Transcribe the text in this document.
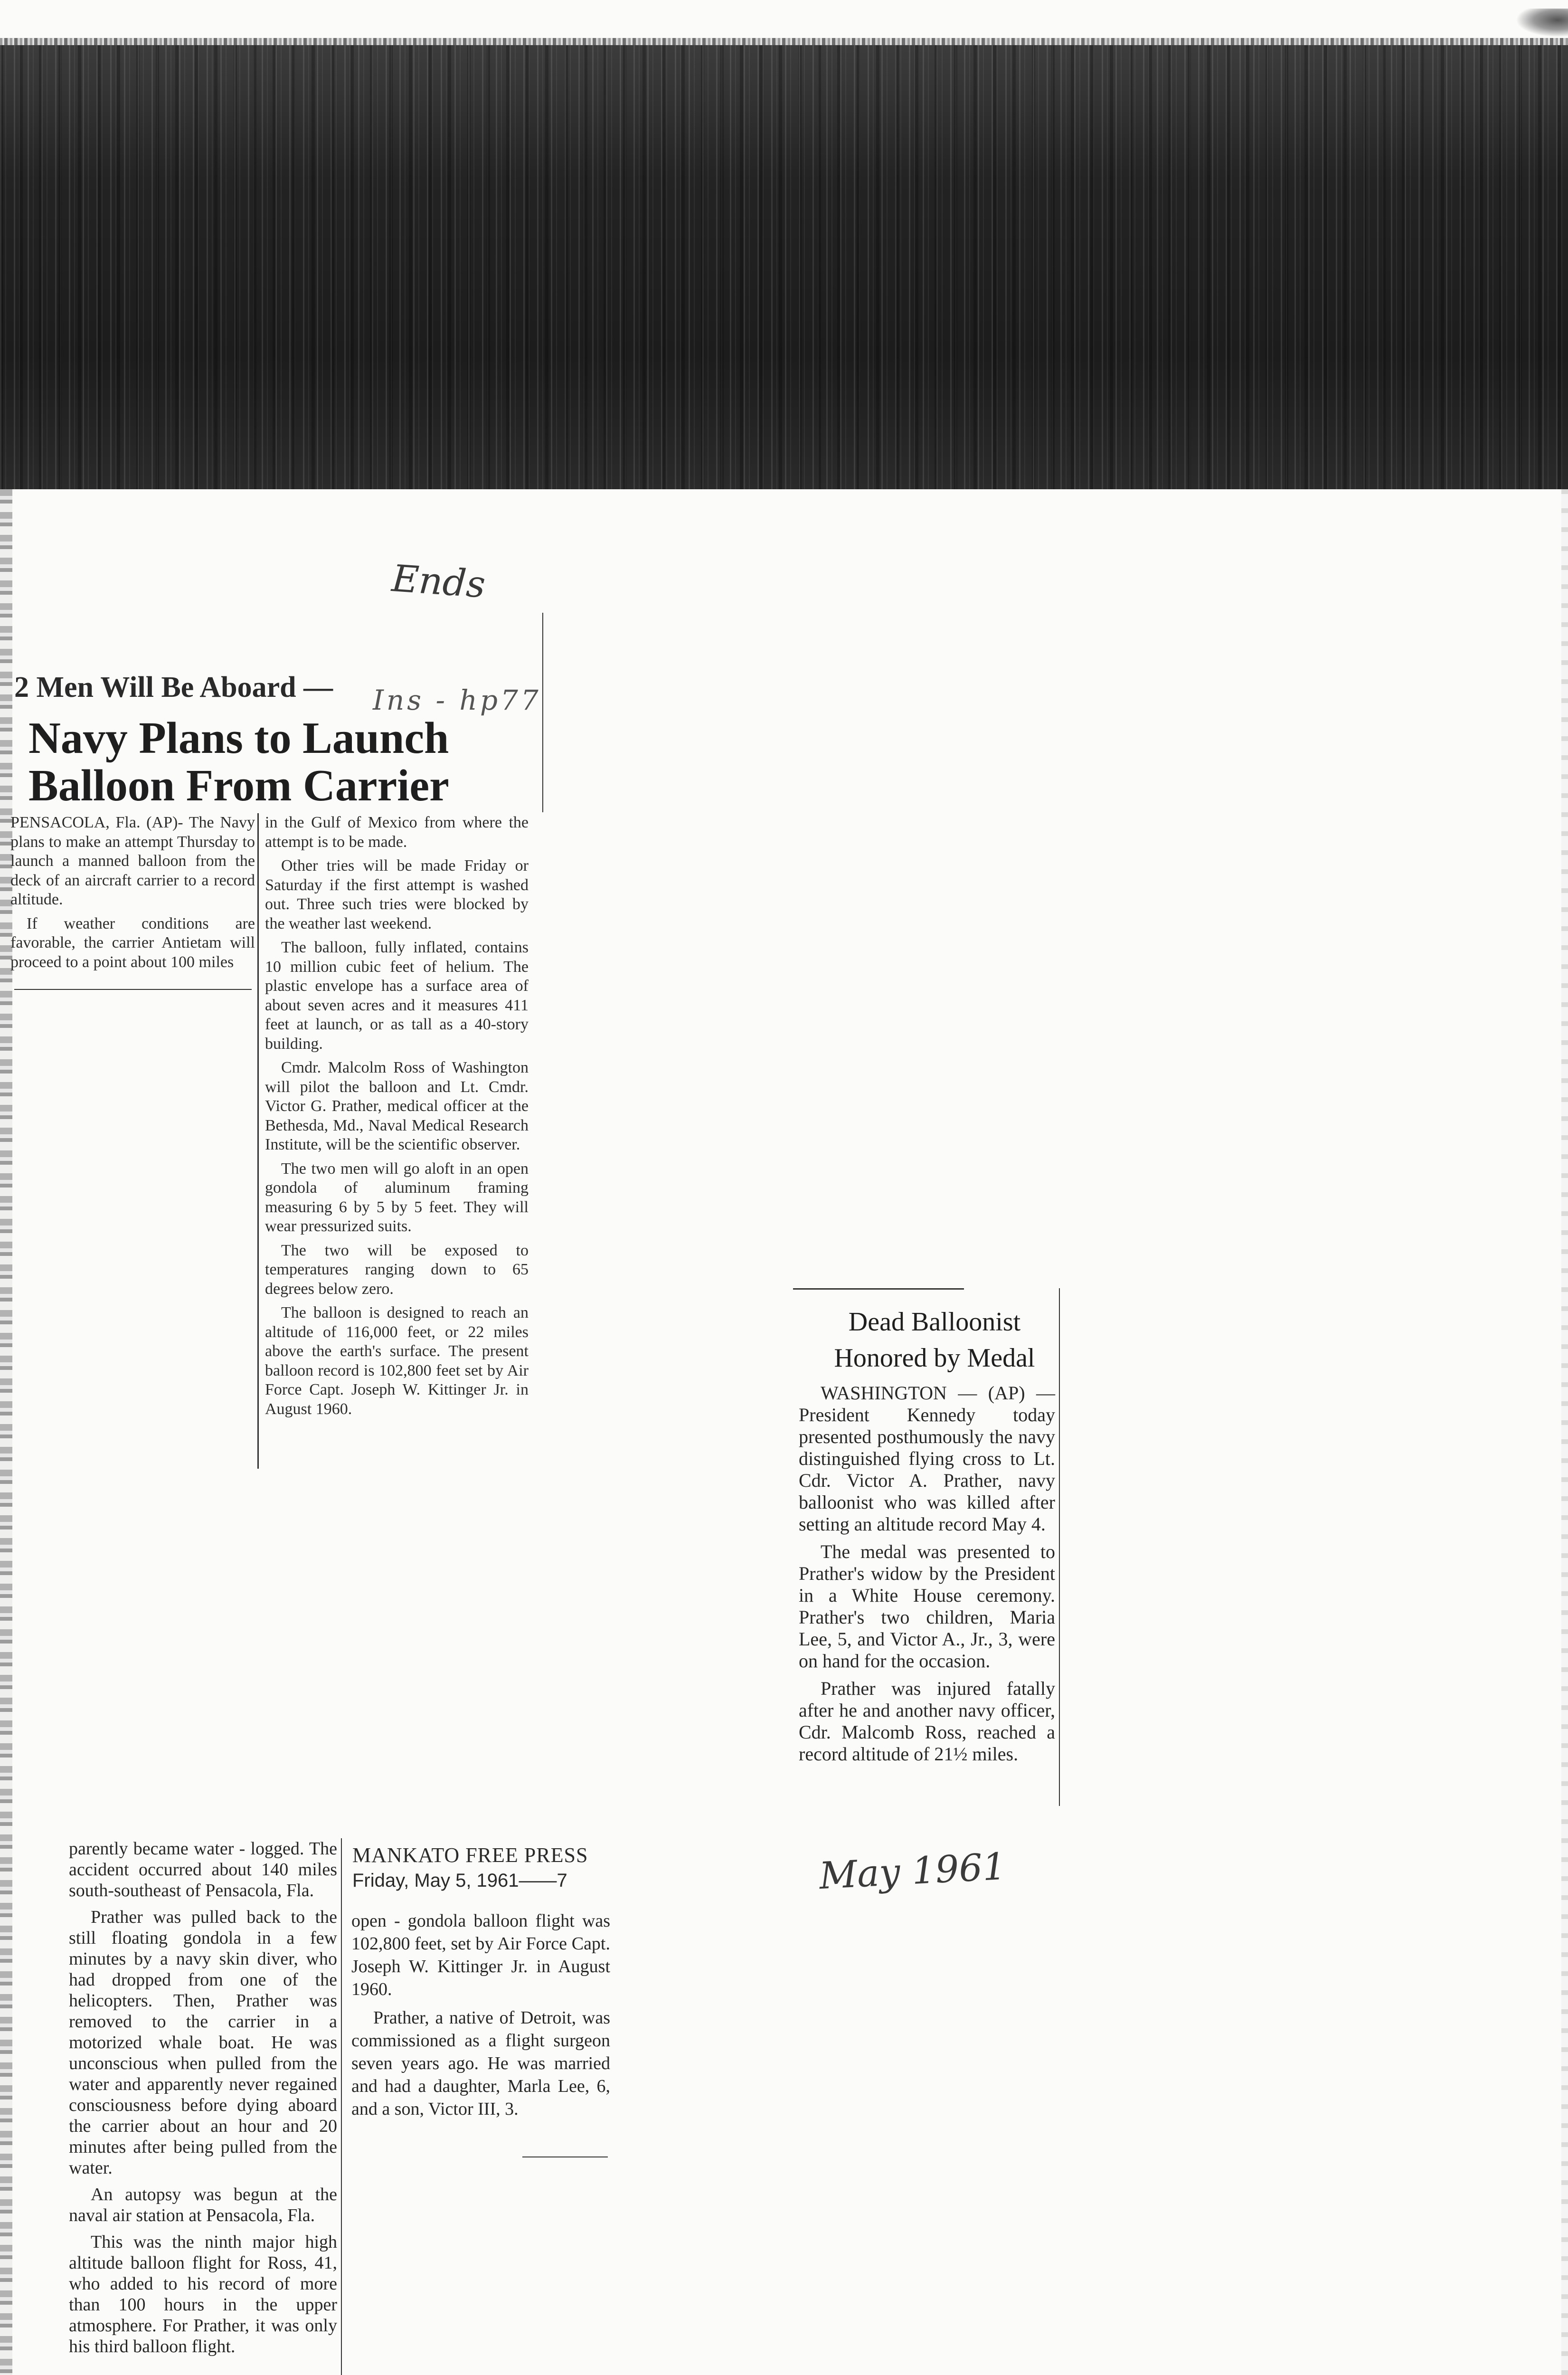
Ends
Ins - hp77
May 1961
2 Men Will Be Aboard —
Navy Plans to Launch Balloon From Carrier

PENSACOLA, Fla. (AP)- The Navy plans to make an attempt Thursday to launch a manned balloon from the deck of an aircraft carrier to a record altitude.

If weather conditions are favorable, the carrier Antietam will proceed to a point about 100 miles

in the Gulf of Mexico from where the attempt is to be made.

Other tries will be made Friday or Saturday if the first attempt is washed out. Three such tries were blocked by the weather last weekend.

The balloon, fully inflated, contains 10 million cubic feet of helium. The plastic envelope has a surface area of about seven acres and it measures 411 feet at launch, or as tall as a 40-story building.

Cmdr. Malcolm Ross of Washington will pilot the balloon and Lt. Cmdr. Victor G. Prather, medical officer at the Bethesda, Md., Naval Medical Research Institute, will be the scientific observer.

The two men will go aloft in an open gondola of aluminum framing measuring 6 by 5 by 5 feet. They will wear pressurized suits.

The two will be exposed to temperatures ranging down to 65 degrees below zero.

The balloon is designed to reach an altitude of 116,000 feet, or 22 miles above the earth's surface. The present balloon record is 102,800 feet set by Air Force Capt. Joseph W. Kittinger Jr. in August 1960.

Dead Balloonist
Honored by Medal

WASHINGTON — (AP) — President Kennedy today presented posthumously the navy distinguished flying cross to Lt. Cdr. Victor A. Prather, navy balloonist who was killed after setting an altitude record May 4.

The medal was presented to Prather's widow by the President in a White House ceremony. Prather's two children, Maria Lee, 5, and Victor A., Jr., 3, were on hand for the occasion.

Prather was injured fatally after he and another navy officer, Cdr. Malcomb Ross, reached a record altitude of 21½ miles.

parently became water - logged. The accident occurred about 140 miles south-southeast of Pensacola, Fla.

Prather was pulled back to the still floating gondola in a few minutes by a navy skin diver, who had dropped from one of the helicopters. Then, Prather was removed to the carrier in a motorized whale boat. He was unconscious when pulled from the water and apparently never regained consciousness before dying aboard the carrier about an hour and 20 minutes after being pulled from the water.

An autopsy was begun at the naval air station at Pensacola, Fla.

This was the ninth major high altitude balloon flight for Ross, 41, who added to his record of more than 100 hours in the upper atmosphere. For Prather, it was only his third balloon flight.

MANKATO FREE PRESS
Friday, May 5, 1961——7

open - gondola balloon flight was 102,800 feet, set by Air Force Capt. Joseph W. Kittinger Jr. in August 1960.

Prather, a native of Detroit, was commissioned as a flight surgeon seven years ago. He was married and had a daughter, Marla Lee, 6, and a son, Victor III, 3.
